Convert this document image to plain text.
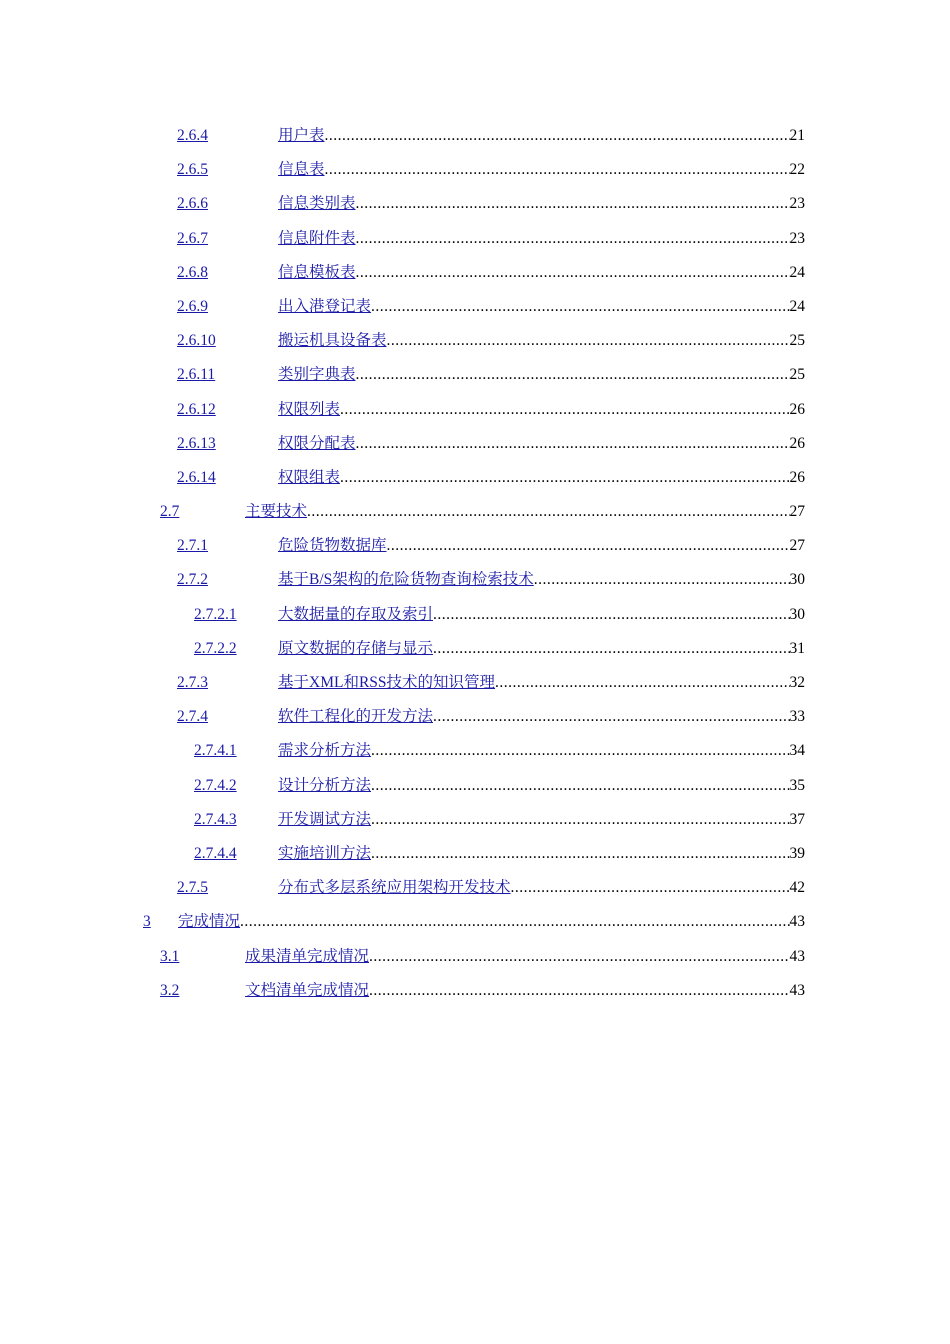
2.6.4	用户表 .....	21
2.6.5	信息表 .....	22
2.6.6	信息类别表 .....	23
2.6.7	信息附件表 .....	23
2.6.8	信息模板表 .....	24
2.6.9	出入港登记表 .....	24
2.6.10	搬运机具设备表 .....	25
2.6.11	类别字典表 .....	25
2.6.12	权限列表 .....	26
2.6.13	权限分配表 .....	26
2.6.14	权限组表 .....	26
2.7	主要技术 .....	27
2.7.1	危险货物数据库 .....	27
2.7.2	基于B/S架构的危险货物查询检索技术 .....	30
2.7.2.1	大数据量的存取及索引 .....	30
2.7.2.2	原文数据的存储与显示 .....	31
2.7.3	基于XML和RSS技术的知识管理 .....	32
2.7.4	软件工程化的开发方法 .....	33
2.7.4.1	需求分析方法 .....	34
2.7.4.2	设计分析方法 .....	35
2.7.4.3	开发调试方法 .....	37
2.7.4.4	实施培训方法 .....	39
2.7.5	分布式多层系统应用架构开发技术 .....	42
3 完成情况 .....	43
3.1	成果清单完成情况 .....	43
3.2	文档清单完成情况 .....	43
